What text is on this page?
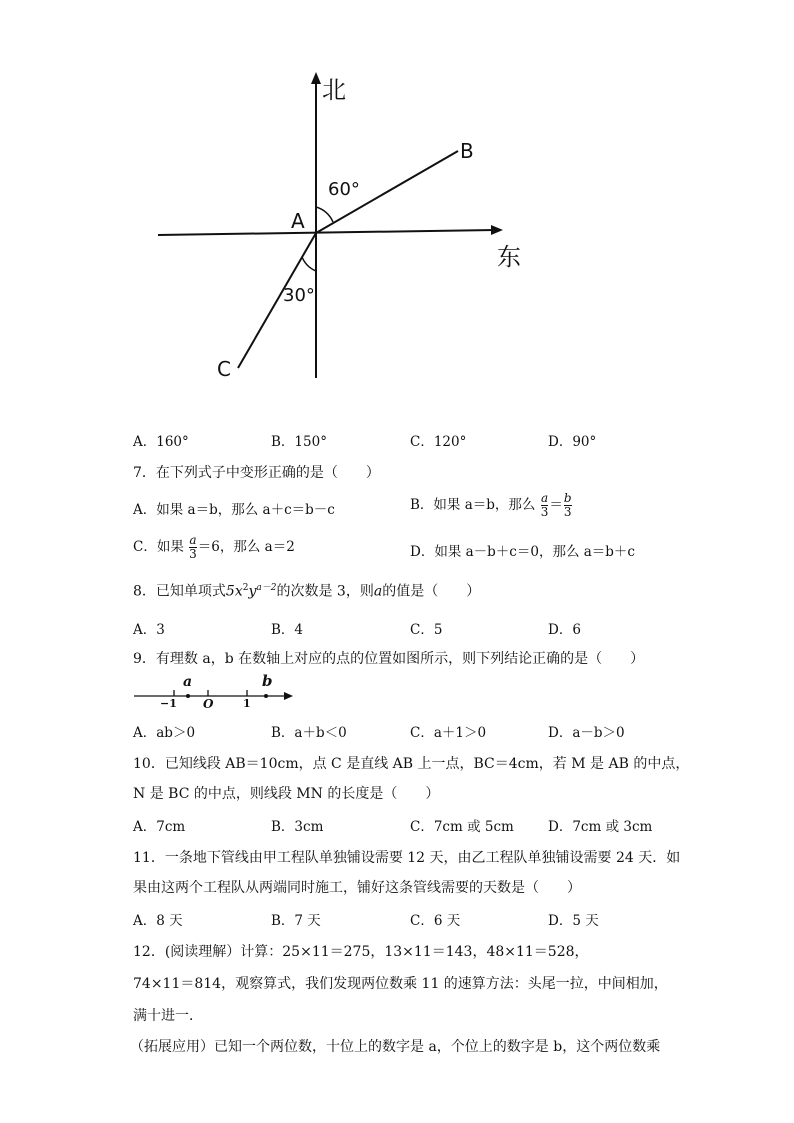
北
东
A
B
C
60°
30°
A．160°	B．150°	C．120°	D．90°
7．在下列式子中变形正确的是（　　）
A．如果 a＝b，那么 a＋c＝b－c	B．如果 a＝b，那么 $\frac{a}{3} = \frac{b}{3}$
C．如果 $\frac{a}{3} =6$，那么 a＝2	D．如果 a－b＋c＝0，那么 a＝b＋c
8．已知单项式$5x^2y^{a-2}$的次数是 3，则a的值是（　　）
A．3	B．4	C．5	D．6
9．有理数 a，b 在数轴上对应的点的位置如图所示，则下列结论正确的是（　　）
a	b
−1 O	1
A．ab＞0	B．a＋b＜0	C．a＋1＞0	D．a－b＞0
10．已知线段 AB＝10cm，点 C 是直线 AB 上一点，BC＝4cm，若 M 是 AB 的中点，
N 是 BC 的中点，则线段 MN 的长度是（　　）
A．7cm	B．3cm	C．7cm 或 5cm	D．7cm 或 3cm
11．一条地下管线由甲工程队单独铺设需要 12 天，由乙工程队单独铺设需要 24 天．如
果由这两个工程队从两端同时施工，铺好这条管线需要的天数是（　　）
A．8 天	B．7 天	C．6 天	D．5 天
12．(阅读理解）计算：25×11＝275，13×11＝143，48×11＝528，
74×11＝814，观察算式，我们发现两位数乘 11 的速算方法：头尾一拉，中间相加，
满十进一．
（拓展应用）已知一个两位数，十位上的数字是 a，个位上的数字是 b，这个两位数乘
